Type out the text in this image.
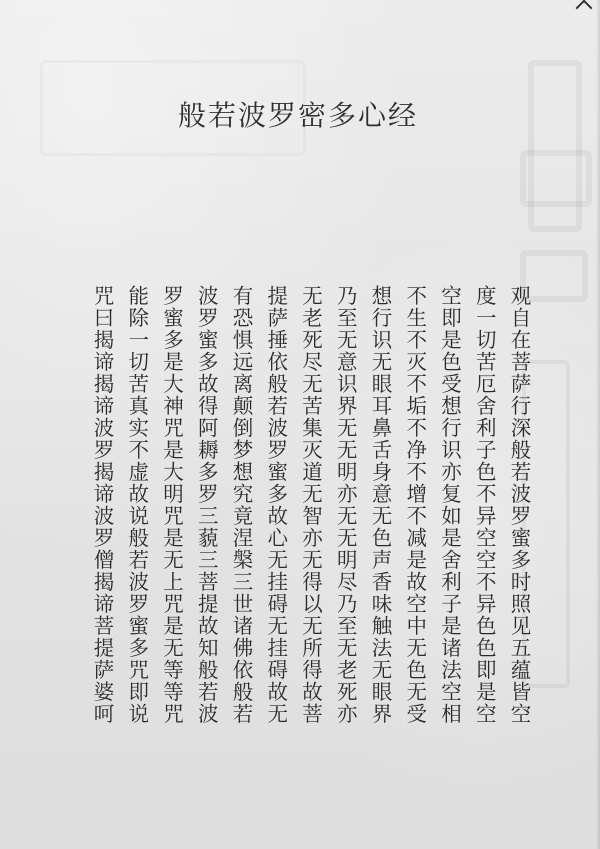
般若波罗密多心经
观自在菩萨行深般若波罗蜜多时照见五蕴皆空
度一切苦厄舍利子色不异空空不异色色即是空
空即是色受想行识亦复如是舍利子是诸法空相
不生不灭不垢不净不增不减是故空中无色无受
想行识无眼耳鼻舌身意无色声香味触法无眼界
乃至无意识界无无明亦无无明尽乃至无老死亦
无老死尽无苦集灭道无智亦无得以无所得故菩
提萨捶依般若波罗蜜多故心无挂碍无挂碍故无
有恐惧远离颠倒梦想究竟涅槃三世诸佛依般若
波罗蜜多故得阿耨多罗三藐三菩提故知般若波
罗蜜多是大神咒是大明咒是无上咒是无等等咒
能除一切苦真实不虚故说般若波罗蜜多咒即说
咒曰揭谛揭谛波罗揭谛波罗僧揭谛菩提萨婆呵
